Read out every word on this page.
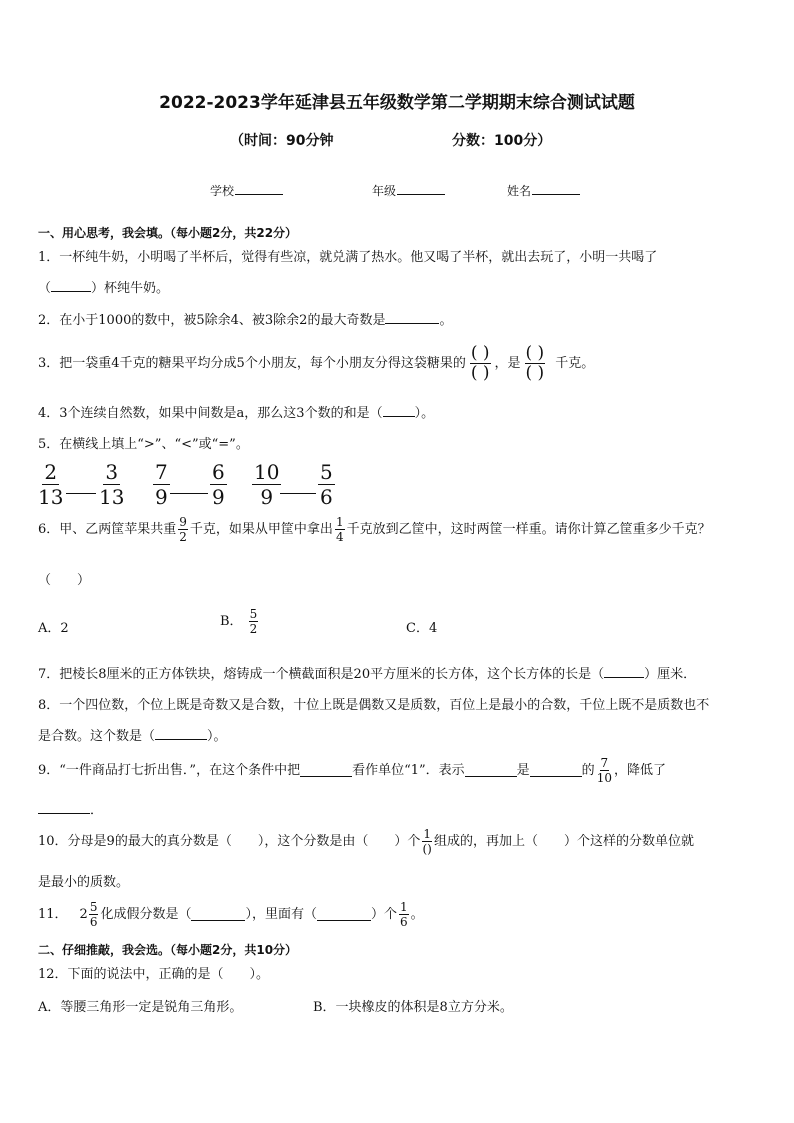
2022-2023学年延津县五年级数学第二学期期末综合测试试题
（时间：90分钟	分数：100分）
学校	年级	姓名
一、用心思考，我会填。（每小题2分，共22分）
1．一杯纯牛奶，小明喝了半杯后，觉得有些凉，就兑满了热水。他又喝了半杯，就出去玩了，小明一共喝了
（	）杯纯牛奶。
2．在小于1000的数中，被5除余4、被3除余2的最大奇数是	。
3．把一袋重4千克的糖果平均分成5个小朋友，每个小朋友分得这袋糖果的 $\frac{( )}{( )}$ ，是 $\frac{( )}{( )}$ 千克。
4．3个连续自然数，如果中间数是a，那么这3个数的和是（ ）。
5．在横线上填上“>”、“<”或“=”。
$\frac{2}{13} \frac{3}{13} \frac{7}{9} \frac{6}{9} \frac{10}{9} \frac{5}{6}$
6．甲、乙两筐苹果共重 $\frac{9}{2}$ 千克，如果从甲筐中拿出 $\frac{1}{4}$ 千克放到乙筐中，这时两筐一样重。请你计算乙筐重多少千克？
（　　）
A．2	B． $\frac{5}{2}$	C．4
7．把棱长8厘米的正方体铁块，熔铸成一个横截面积是20平方厘米的长方体，这个长方体的长是（	）厘米．
8．一个四位数，个位上既是奇数又是合数，十位上既是偶数又是质数，百位上是最小的合数，千位上既不是质数也不
是合数。这个数是（	）。
9．“一件商品打七折出售．”，在这个条件中把	看作单位“1”．表示	是	的 $\frac{7}{10}$ ，降低了
．
10．分母是9的最大的真分数是（　　），这个分数是由（　　）个 $\frac{1}{()}$ 组成的，再加上（　　）个这样的分数单位就
是最小的质数。
11． $2 \frac{5}{6}$ 化成假分数是（	），里面有（	）个 $\frac{1}{6}$ 。
二、仔细推敲，我会选。（每小题2分，共10分）
12．下面的说法中，正确的是（　　）。
A．等腰三角形一定是锐角三角形。	B．一块橡皮的体积是8立方分米。
